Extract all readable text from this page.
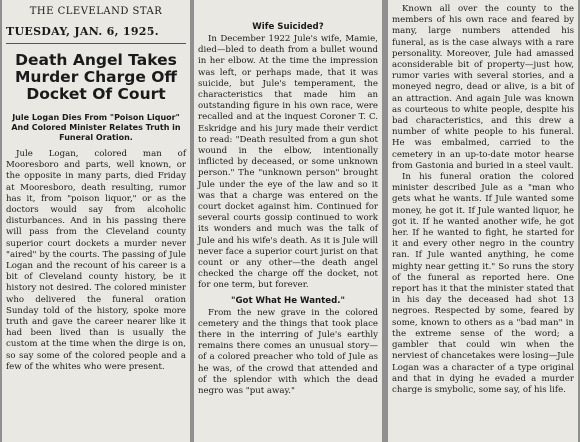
THE CLEVELAND STAR
TUESDAY, JAN. 6, 1925.
Death Angel Takes Murder Charge Off Docket Of Court
Jule Logan Dies From "Poison Liquor" And Colored Minister Relates Truth in Funeral Oration.

Jule Logan, colored man of Mooresboro and parts, well known, or the opposite in many parts, died Friday at Mooresboro, death resulting, rumor has it, from "poison liquor," or as the doctors would say from alcoholic disturbances. And in his passing there will pass from the Cleveland county superior court dockets a murder never "aired" by the courts. The passing of Jule Logan and the recount of his career is a bit of Cleveland county history, be it history not desired. The colored minister who delivered the funeral oration Sunday told of the history, spoke more truth and gave the career nearer like it had been lived than is usually the custom at the time when the dirge is on, so say some of the colored people and a few of the whites who were present.

Wife Suicided?

In December 1922 Jule's wife, Mamie, died—bled to death from a bullet wound in her elbow. At the time the impression was left, or perhaps made, that it was suicide, but Jule's temperament, the characteristics that made him an outstanding figure in his own race, were recalled and at the inquest Coroner T. C. Eskridge and his jury made their verdict to read: "Death resulted from a gun shot wound in the elbow, intentionally inflicted by deceased, or some unknown person." The "unknown person" brought Jule under the eye of the law and so it was that a charge was entered on the court docket against him. Continued for several courts gossip continued to work its wonders and much was the talk of Jule and his wife's death. As it is Jule will never face a superior court jurist on that count or any other—the death angel checked the charge off the docket, not for one term, but forever.

"Got What He Wanted."

From the new grave in the colored cemetery and the things that took place there in the interring of Jule's earthly remains there comes an unusual story—of a colored preacher who told of Jule as he was, of the crowd that attended and of the splendor with which the dead negro was "put away."

Known all over the county to the members of his own race and feared by many, large numbers attended his funeral, as is the case always with a rare personality. Moreover, Jule had amassed aconsiderable bit of property—just how, rumor varies with several stories, and a moneyed negro, dead or alive, is a bit of an attraction. And again Jule was known as courteous to white people, despite his bad characteristics, and this drew a number of white people to his funeral. He was embalmed, carried to the cemetery in an up-to-date motor hearse from Gastonia and buried in a steel vault.

In his funeral oration the colored minister described Jule as a "man who gets what he wants. If Jule wanted some money, he got it. If Jule wanted liquor, he got it. If he wanted another wife, he got her. If he wanted to fight, he started for it and every other negro in the country ran. If Jule wanted anything, he come mighty near getting it." So runs the story of the funeral as reported here. One report has it that the minister stated that in his day the deceased had shot 13 negroes. Respected by some, feared by some, known to others as a "bad man" in the extreme sense of the word; a gambler that could win when the nerviest of chancetakes were losing—Jule Logan was a character of a type original and that in dying he evaded a murder charge is smybolic, some say, of his life.
